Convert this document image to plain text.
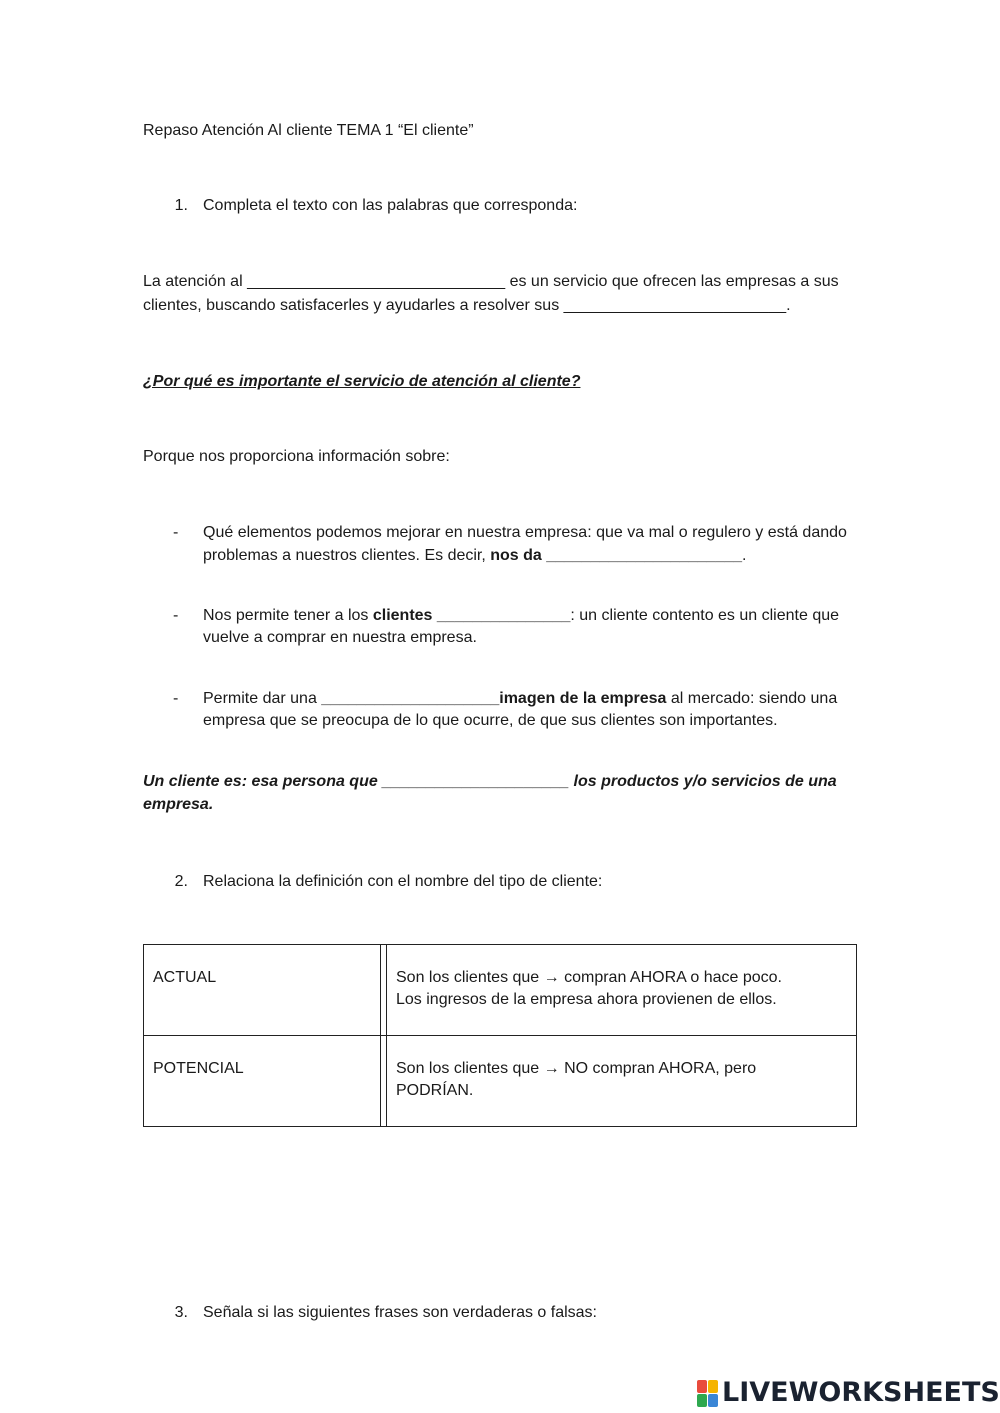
Repaso Atención Al cliente TEMA 1 “El cliente”
1. Completa el texto con las palabras que corresponda:
La atención al _____________________________ es un servicio que ofrecen las empresas a sus
clientes, buscando satisfacerles y ayudarles a resolver sus _________________________.
¿Por qué es importante el servicio de atención al cliente?
Porque nos proporciona información sobre:
- Qué elementos podemos mejorar en nuestra empresa: que va mal o regulero y está dando
problemas a nuestros clientes. Es decir, nos da ______________________.
- Nos permite tener a los clientes _______________: un cliente contento es un cliente que
vuelve a comprar en nuestra empresa.
- Permite dar una ____________________imagen de la empresa al mercado: siendo una
empresa que se preocupa de lo que ocurre, de que sus clientes son importantes.
Un cliente es: esa persona que _____________________ los productos y/o servicios de una
empresa.
2. Relaciona la definición con el nombre del tipo de cliente:
ACTUAL		Son los clientes que → compran AHORA o hace poco.
Los ingresos de la empresa ahora provienen de ellos.

POTENCIAL		Son los clientes que → NO compran AHORA, pero
PODRÍAN.
3. Señala si las siguientes frases son verdaderas o falsas:
LIVEWORKSHEETS
